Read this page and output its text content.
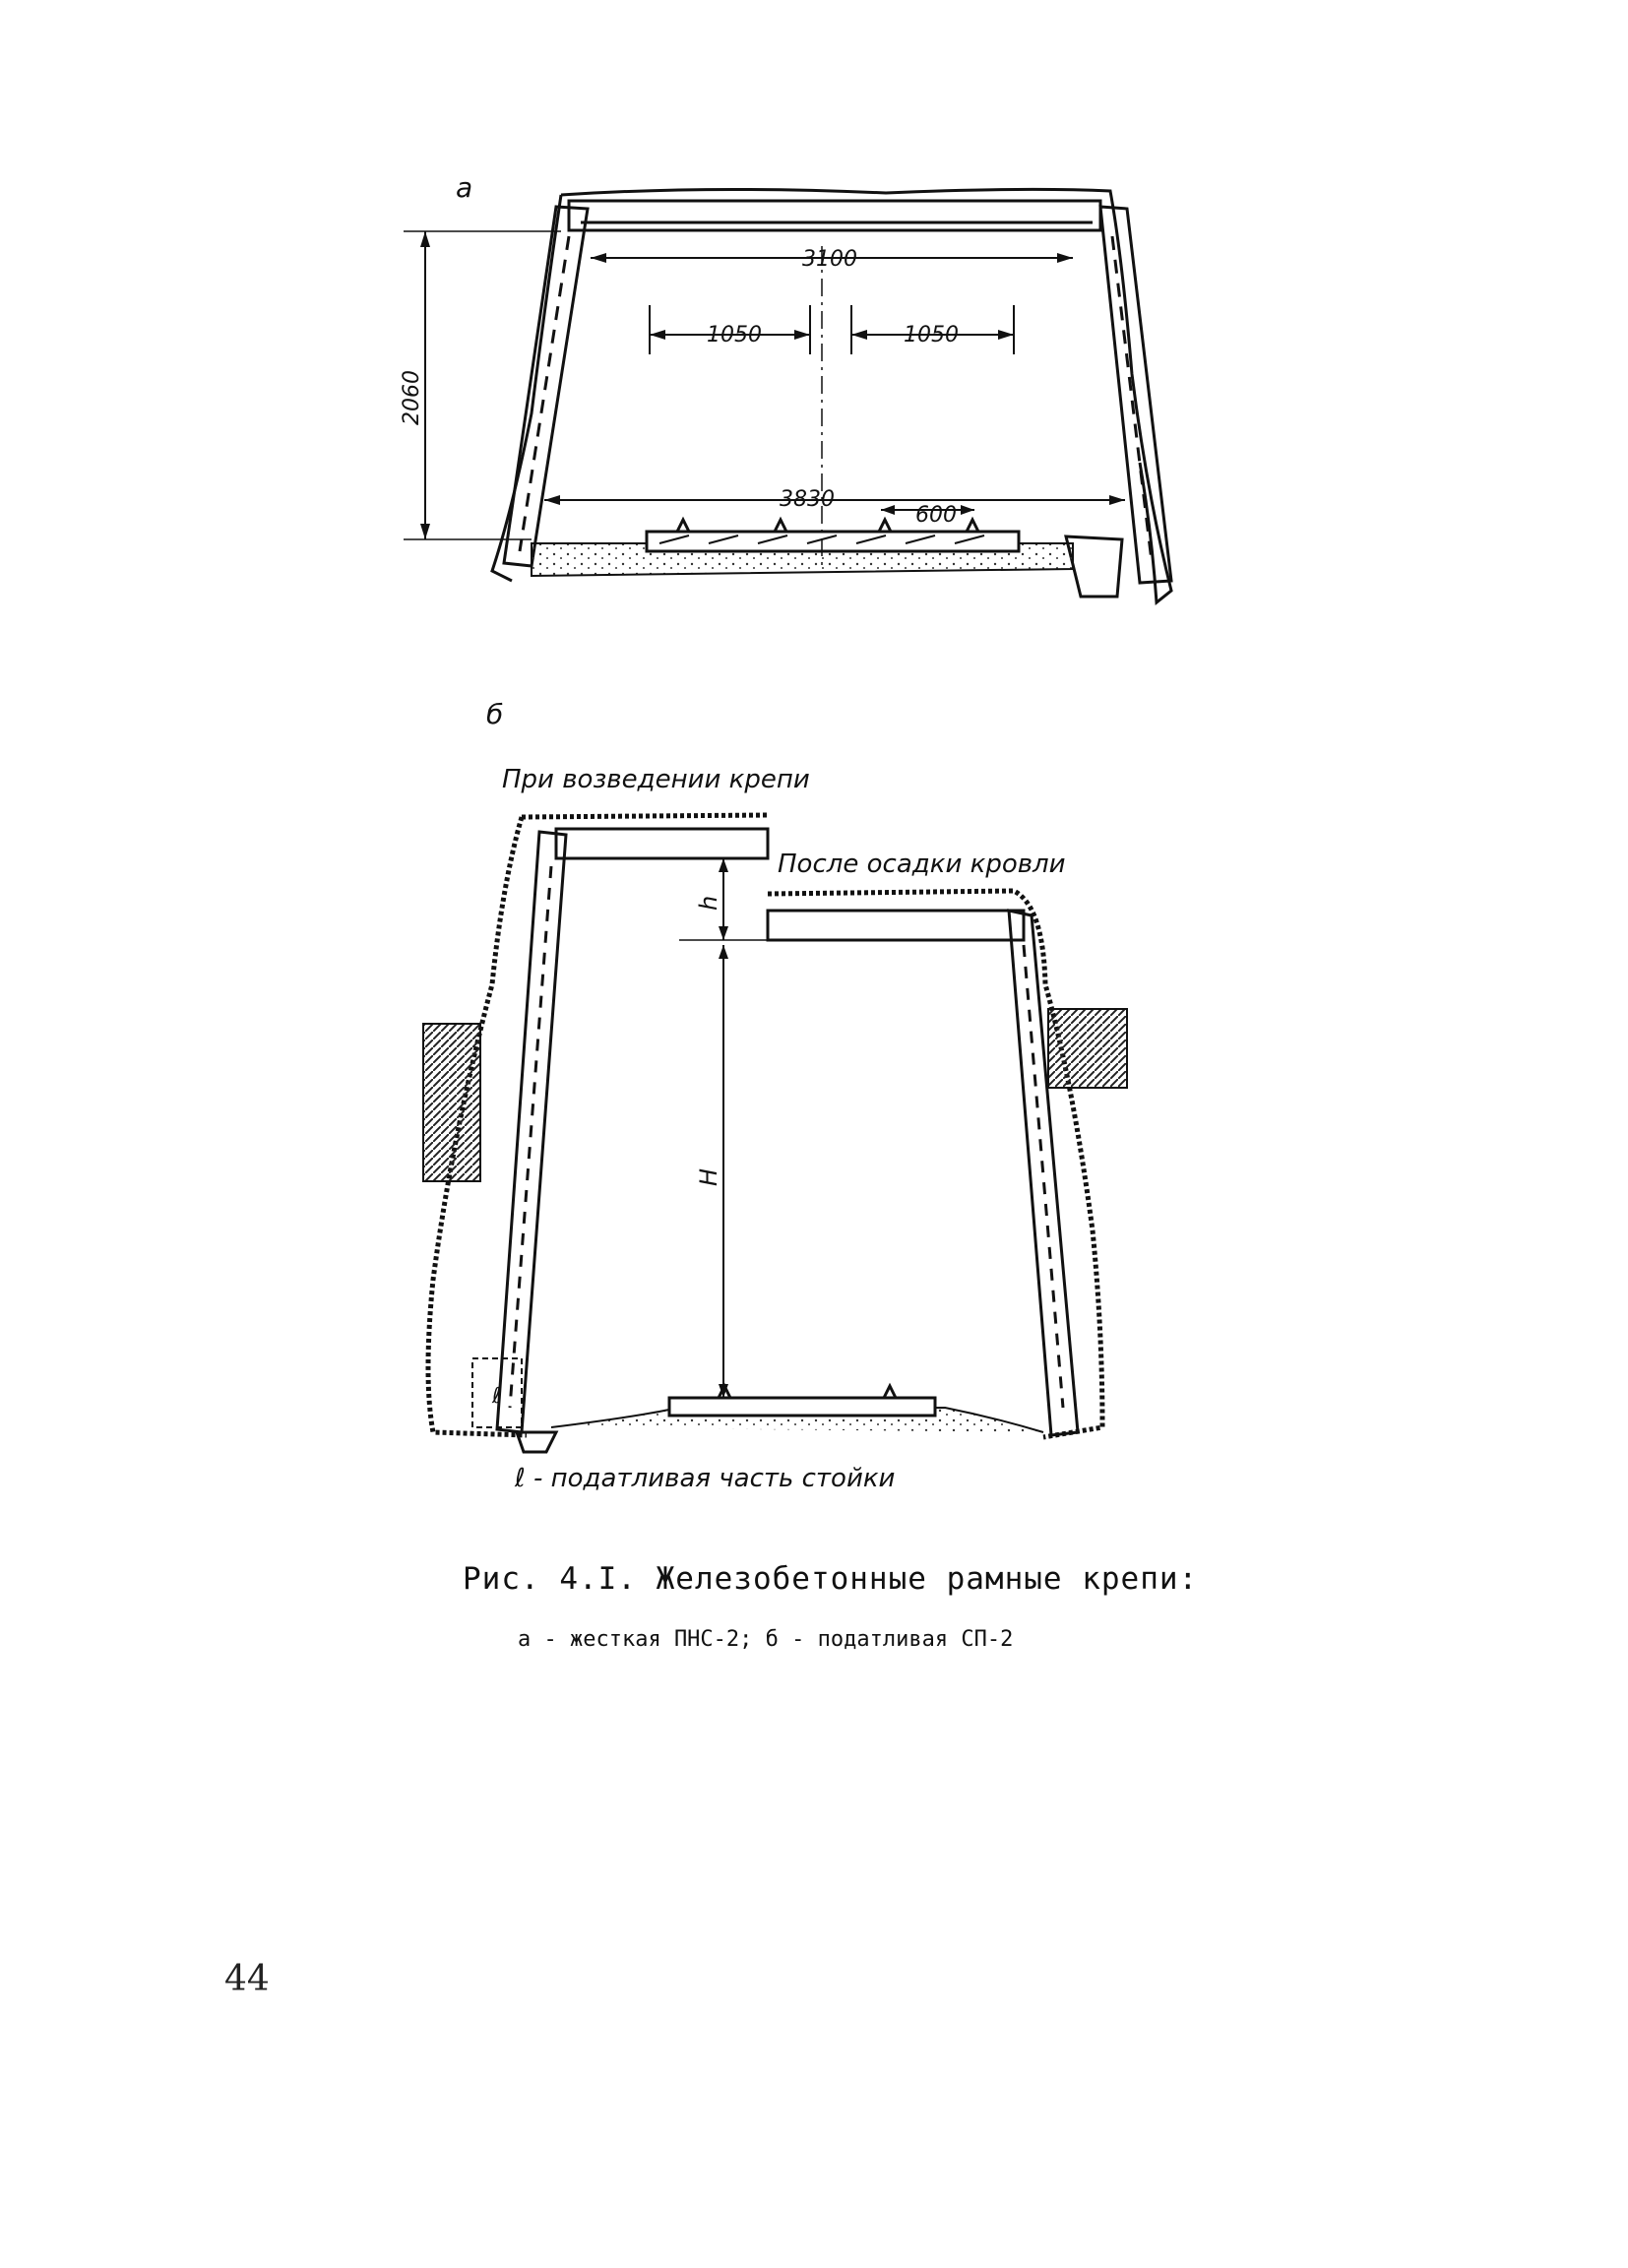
а
3100
1050	1050
3830
600
2060
б
При возведении крепи
После осадки кровли
ℓ
h
H
ℓ - податливая часть стойки
Рис. 4.I. Железобетонные рамные крепи:
а - жесткая ПНС-2; б - податливая СП-2
44
